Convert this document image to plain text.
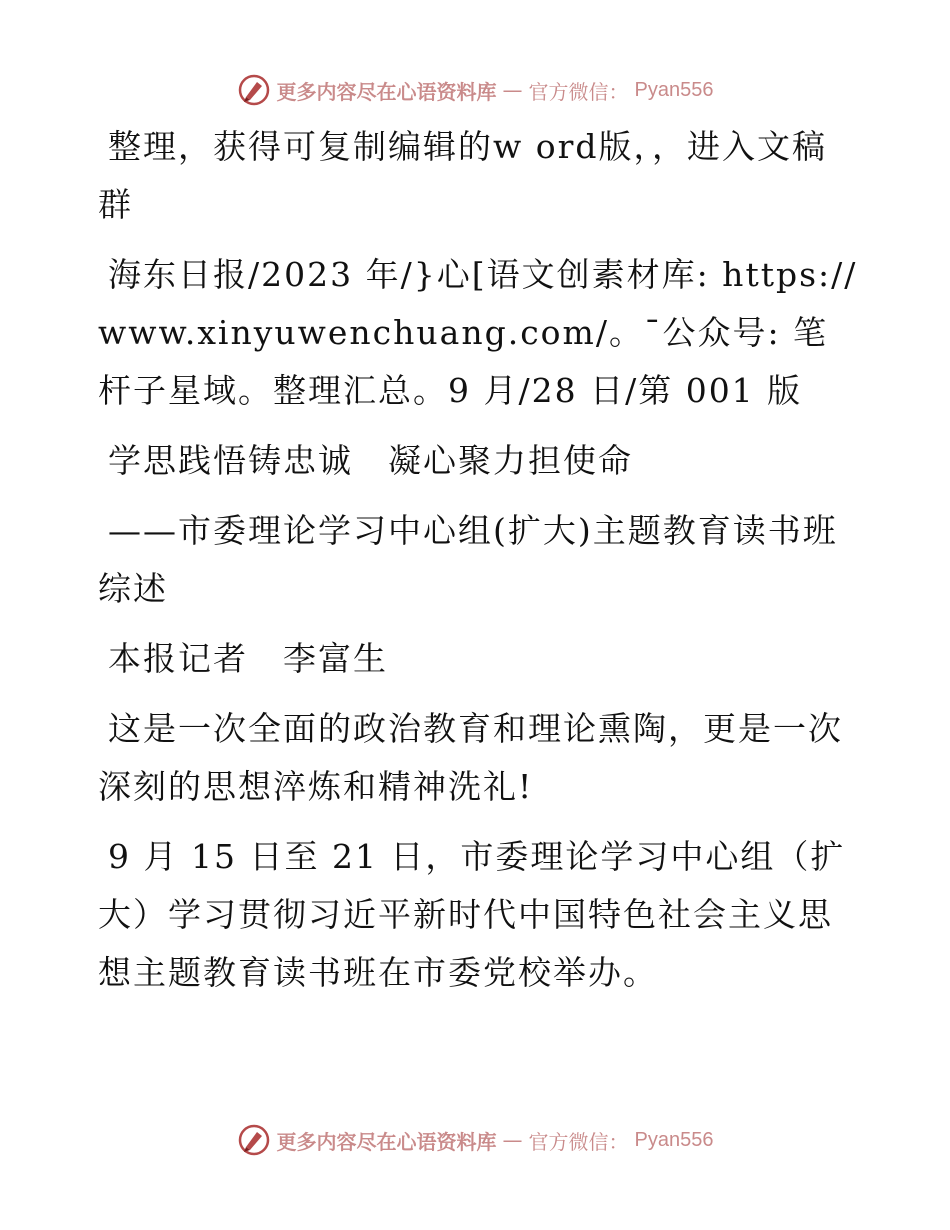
更多内容尽在心语资料库 — 官方微信： Pyan556

整理，获得可复制编辑的w ord版，，进入文稿群

海东日报/2023 年/}心[语文创素材库: https://www.xinyuwenchuang.com/。¯公众号: 笔杆子星域。整理汇总。9 月/28 日/第 001 版

学思践悟铸忠诚　凝心聚力担使命

——市委理论学习中心组(扩大)主题教育读书班综述

本报记者　李富生

这是一次全面的政治教育和理论熏陶，更是一次深刻的思想淬炼和精神洗礼!

9 月 15 日至 21 日，市委理论学习中心组（扩大）学习贯彻习近平新时代中国特色社会主义思想主题教育读书班在市委党校举办。

更多内容尽在心语资料库 — 官方微信： Pyan556
